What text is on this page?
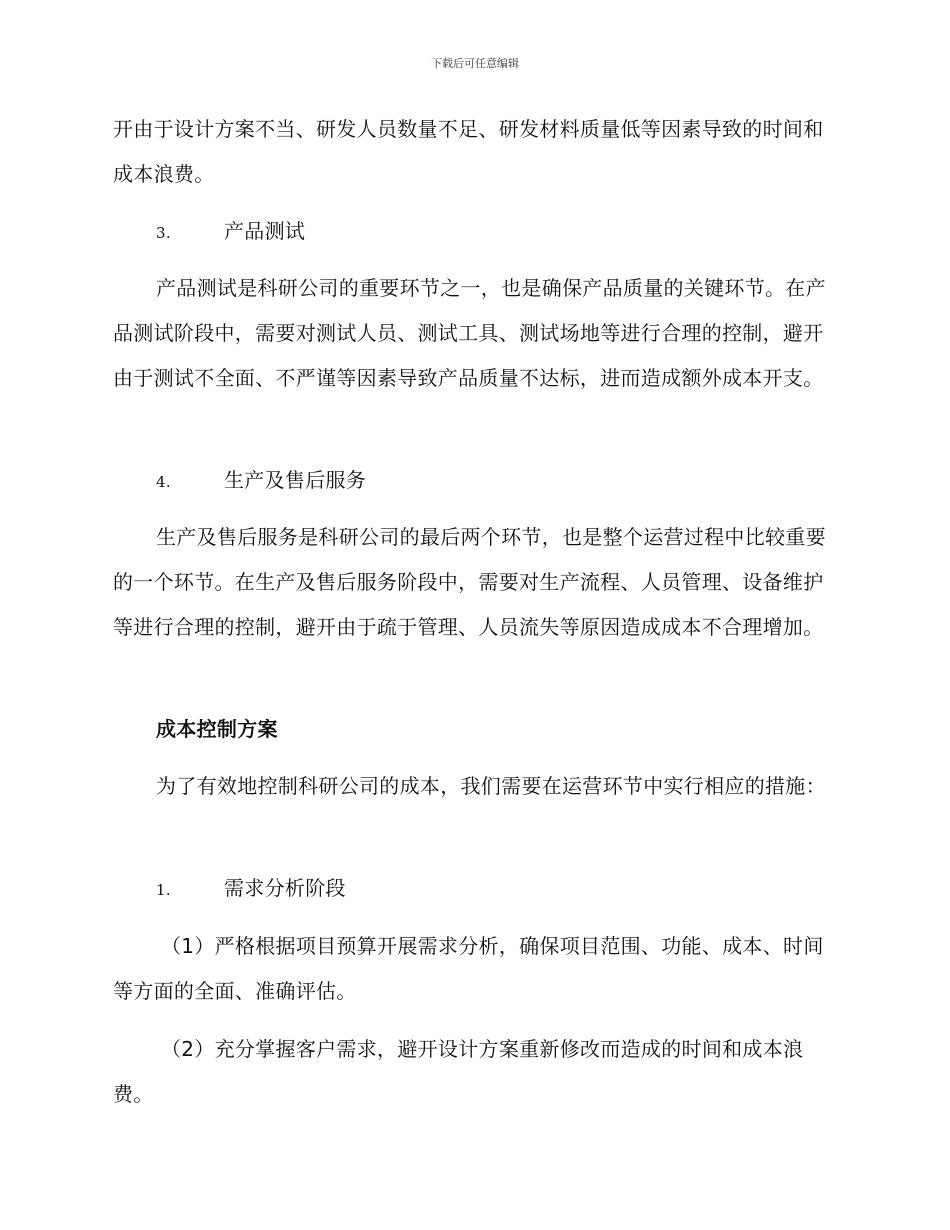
下载后可任意编辑

开由于设计方案不当、研发人员数量不足、研发材料质量低等因素导致的时间和成本浪费。

3.	产品测试

产品测试是科研公司的重要环节之一，也是确保产品质量的关键环节。在产品测试阶段中，需要对测试人员、测试工具、测试场地等进行合理的控制，避开由于测试不全面、不严谨等因素导致产品质量不达标，进而造成额外成本开支。

4.	生产及售后服务

生产及售后服务是科研公司的最后两个环节，也是整个运营过程中比较重要的一个环节。在生产及售后服务阶段中，需要对生产流程、人员管理、设备维护等进行合理的控制，避开由于疏于管理、人员流失等原因造成成本不合理增加。

成本控制方案

为了有效地控制科研公司的成本，我们需要在运营环节中实行相应的措施：

1.	需求分析阶段

（1）严格根据项目预算开展需求分析，确保项目范围、功能、成本、时间等方面的全面、准确评估。

（2）充分掌握客户需求，避开设计方案重新修改而造成的时间和成本浪费。
